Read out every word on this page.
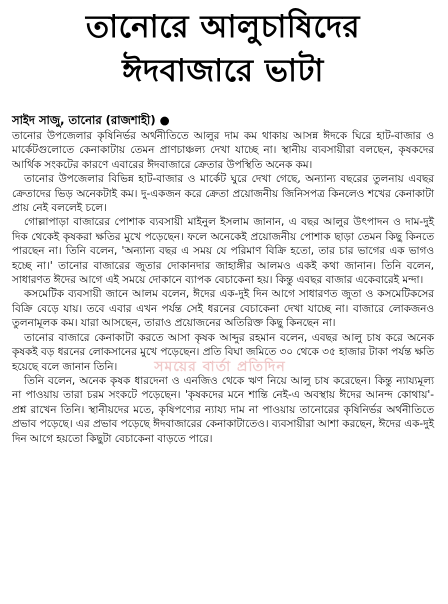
তানোরে আলুচাষিদের
ঈদবাজারে ভাটা
সাইদ সাজু, তানোর (রাজশাহী) ●

তানোর উপজেলার কৃষিনির্ভর অর্থনীতিতে আলুর দাম কম থাকায় আসন্ন ঈদকে ঘিরে হাট-বাজার ও মার্কেটগুলোতে কেনাকাটায় তেমন প্রাণচাঞ্চল্য দেখা যাচ্ছে না। স্থানীয় ব্যবসায়ীরা বলছেন, কৃষকদের আর্থিক সংকটের কারণে এবারের ঈদবাজারে ক্রেতার উপস্থিতি অনেক কম।

তানোর উপজেলার বিভিন্ন হাট-বাজার ও মার্কেট ঘুরে দেখা গেছে, অন্যান্য বছরের তুলনায় এবছর ক্রেতাদের ভিড় অনেকটাই কম। দু-একজন করে ক্রেতা প্রয়োজনীয় জিনিসপত্র কিনলেও শখের কেনাকাটা প্রায় নেই বললেই চলে।

গোল্লাপাড়া বাজারের পোশাক ব্যবসায়ী মাইনুল ইসলাম জানান, এ বছর আলুর উৎপাদন ও দাম-দুই দিক থেকেই কৃষকরা ক্ষতির মুখে পড়েছেন। ফলে অনেকেই প্রয়োজনীয় পোশাক ছাড়া তেমন কিছু কিনতে পারছেন না। তিনি বলেন, 'অন্যান্য বছর এ সময় যে পরিমাণ বিক্রি হতো, তার চার ভাগের এক ভাগও হচ্ছে না।' তানোর বাজারের জুতার দোকানদার জাহাঙ্গীর আলমও একই কথা জানান। তিনি বলেন, সাধারণত ঈদের আগে এই সময়ে দোকানে ব্যাপক বেচাকেনা হয়। কিন্তু এবছর বাজার একেবারেই মন্দা।

কসমেটিক ব্যবসায়ী জানে আলম বলেন, ঈদের এক-দুই দিন আগে সাধারণত জুতা ও কসমেটিকসের বিক্রি বেড়ে যায়। তবে এবার এখন পর্যন্ত সেই ধরনের বেচাকেনা দেখা যাচ্ছে না। বাজারে লোকজনও তুলনামূলক কম। যারা আসছেন, তারাও প্রয়োজনের অতিরিক্ত কিছু কিনছেন না।

তানোর বাজারে কেনাকাটা করতে আসা কৃষক আব্দুর রহমান বলেন, এবছর আলু চাষ করে অনেক কৃষকই বড় ধরনের লোকসানের মুখে পড়েছেন। প্রতি বিঘা জমিতে ৩০ থেকে ৩৫ হাজার টাকা পর্যন্ত ক্ষতি হয়েছে বলে জানান তিনি।

তিনি বলেন, অনেক কৃষক ধারদেনা ও এনজিও থেকে ঋণ নিয়ে আলু চাষ করেছেন। কিন্তু ন্যায্যমূল্য না পাওয়ায় তারা চরম সংকটে পড়েছেন। 'কৃষকদের মনে শান্তি নেই-এ অবস্থায় ঈদের আনন্দ কোথায়'- প্রশ্ন রাখেন তিনি। স্থানীয়দের মতে, কৃষিপণ্যের ন্যায্য দাম না পাওয়ায় তানোরের কৃষিনির্ভর অর্থনীতিতে প্রভাব পড়েছে। এর প্রভাব পড়েছে ঈদবাজারের কেনাকাটাতেও। ব্যবসায়ীরা আশা করছেন, ঈদের এক-দুই দিন আগে হয়তো কিছুটা বেচাকেনা বাড়তে পারে।

সময়ের বার্তা প্রতিদিন
